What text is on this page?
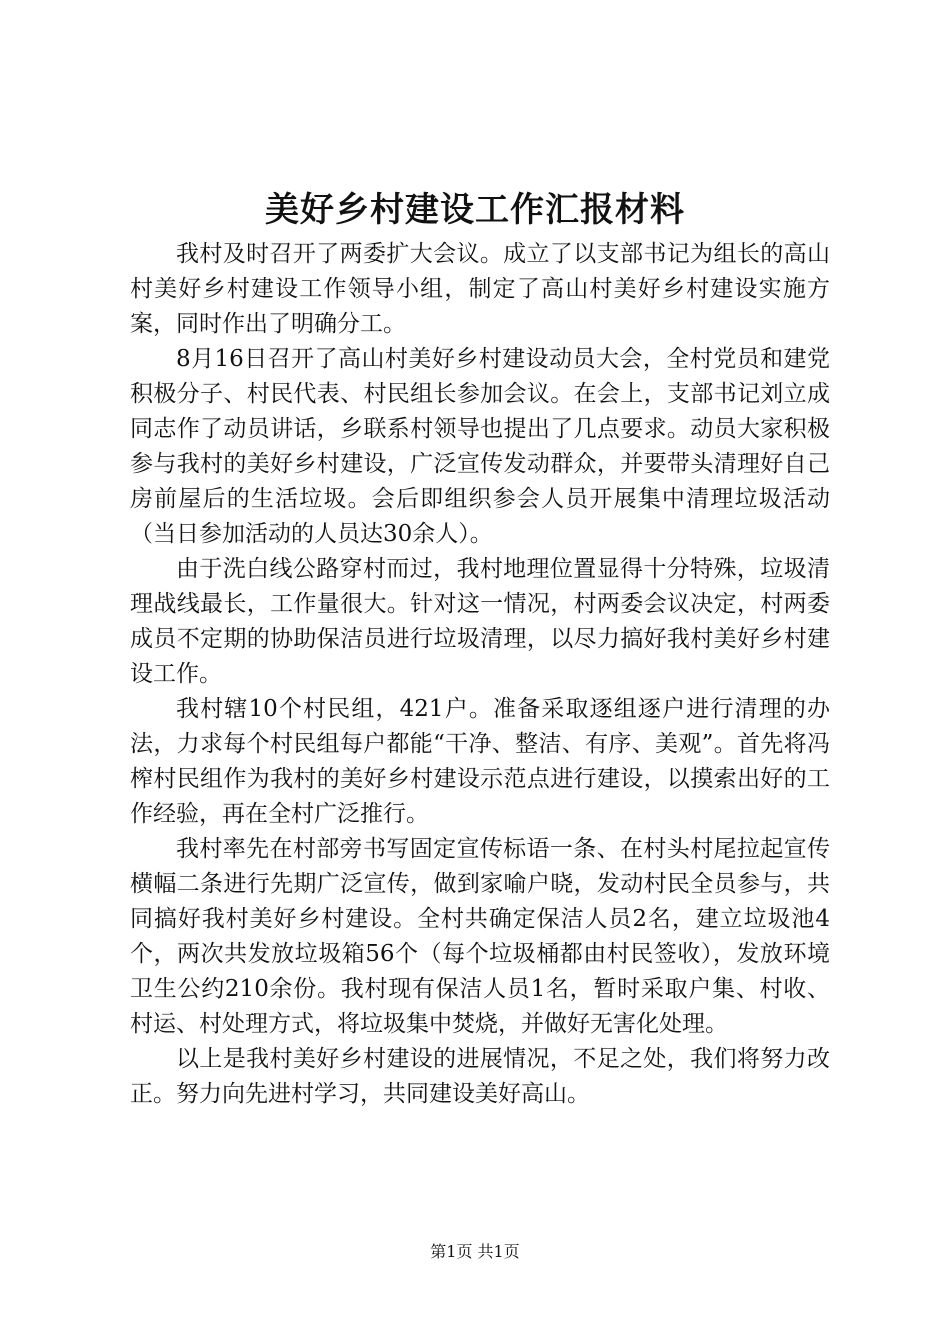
美好乡村建设工作汇报材料

我村及时召开了两委扩大会议。成立了以支部书记为组长的高山村美好乡村建设工作领导小组，制定了高山村美好乡村建设实施方案，同时作出了明确分工。

8月16日召开了高山村美好乡村建设动员大会，全村党员和建党积极分子、村民代表、村民组长参加会议。在会上，支部书记刘立成同志作了动员讲话，乡联系村领导也提出了几点要求。动员大家积极参与我村的美好乡村建设，广泛宣传发动群众，并要带头清理好自己房前屋后的生活垃圾。会后即组织参会人员开展集中清理垃圾活动（当日参加活动的人员达30余人）。

由于洗白线公路穿村而过，我村地理位置显得十分特殊，垃圾清理战线最长，工作量很大。针对这一情况，村两委会议决定，村两委成员不定期的协助保洁员进行垃圾清理，以尽力搞好我村美好乡村建设工作。

我村辖10个村民组，421户。准备采取逐组逐户进行清理的办法，力求每个村民组每户都能“干净、整洁、有序、美观”。首先将冯榨村民组作为我村的美好乡村建设示范点进行建设，以摸索出好的工作经验，再在全村广泛推行。

我村率先在村部旁书写固定宣传标语一条、在村头村尾拉起宣传横幅二条进行先期广泛宣传，做到家喻户晓，发动村民全员参与，共同搞好我村美好乡村建设。全村共确定保洁人员2名，建立垃圾池4个，两次共发放垃圾箱56个（每个垃圾桶都由村民签收），发放环境卫生公约210余份。我村现有保洁人员1名，暂时采取户集、村收、村运、村处理方式，将垃圾集中焚烧，并做好无害化处理。

以上是我村美好乡村建设的进展情况，不足之处，我们将努力改正。努力向先进村学习，共同建设美好高山。

第1页 共1页
